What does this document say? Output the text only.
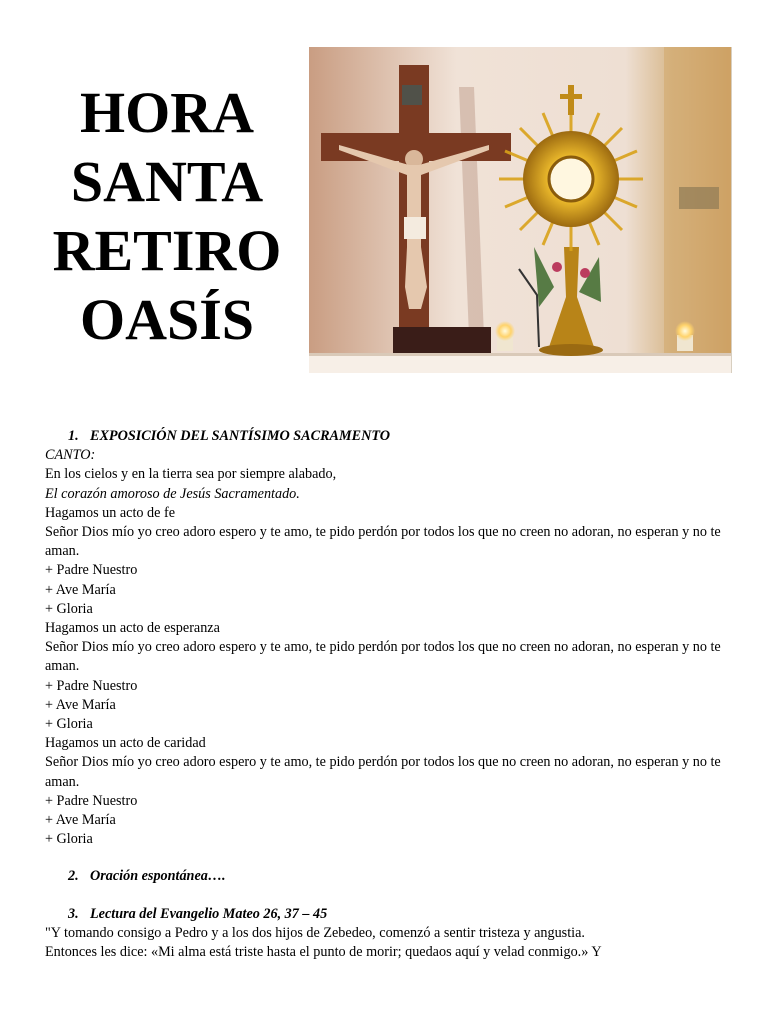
HORA
SANTA
RETIRO
OASÍS
1. EXPOSICIÓN DEL SANTÍSIMO SACRAMENTO
CANTO:
En los cielos y en la tierra sea por siempre alabado,
El corazón amoroso de Jesús Sacramentado.
Hagamos un acto de fe
Señor Dios mío yo creo adoro espero y te amo, te pido perdón por todos los que no creen no adoran, no esperan y no te aman.
+ Padre Nuestro
+ Ave María
+ Gloria
Hagamos un acto de esperanza
Señor Dios mío yo creo adoro espero y te amo, te pido perdón por todos los que no creen no adoran, no esperan y no te aman.
+ Padre Nuestro
+ Ave María
+ Gloria
Hagamos un acto de caridad
Señor Dios mío yo creo adoro espero y te amo, te pido perdón por todos los que no creen no adoran, no esperan y no te aman.
+ Padre Nuestro
+ Ave María
+ Gloria
2. Oración espontánea….
3. Lectura del Evangelio Mateo 26, 37 – 45
"Y tomando consigo a Pedro y a los dos hijos de Zebedeo, comenzó a sentir tristeza y angustia.
Entonces les dice: «Mi alma está triste hasta el punto de morir; quedaos aquí y velad conmigo.» Y
